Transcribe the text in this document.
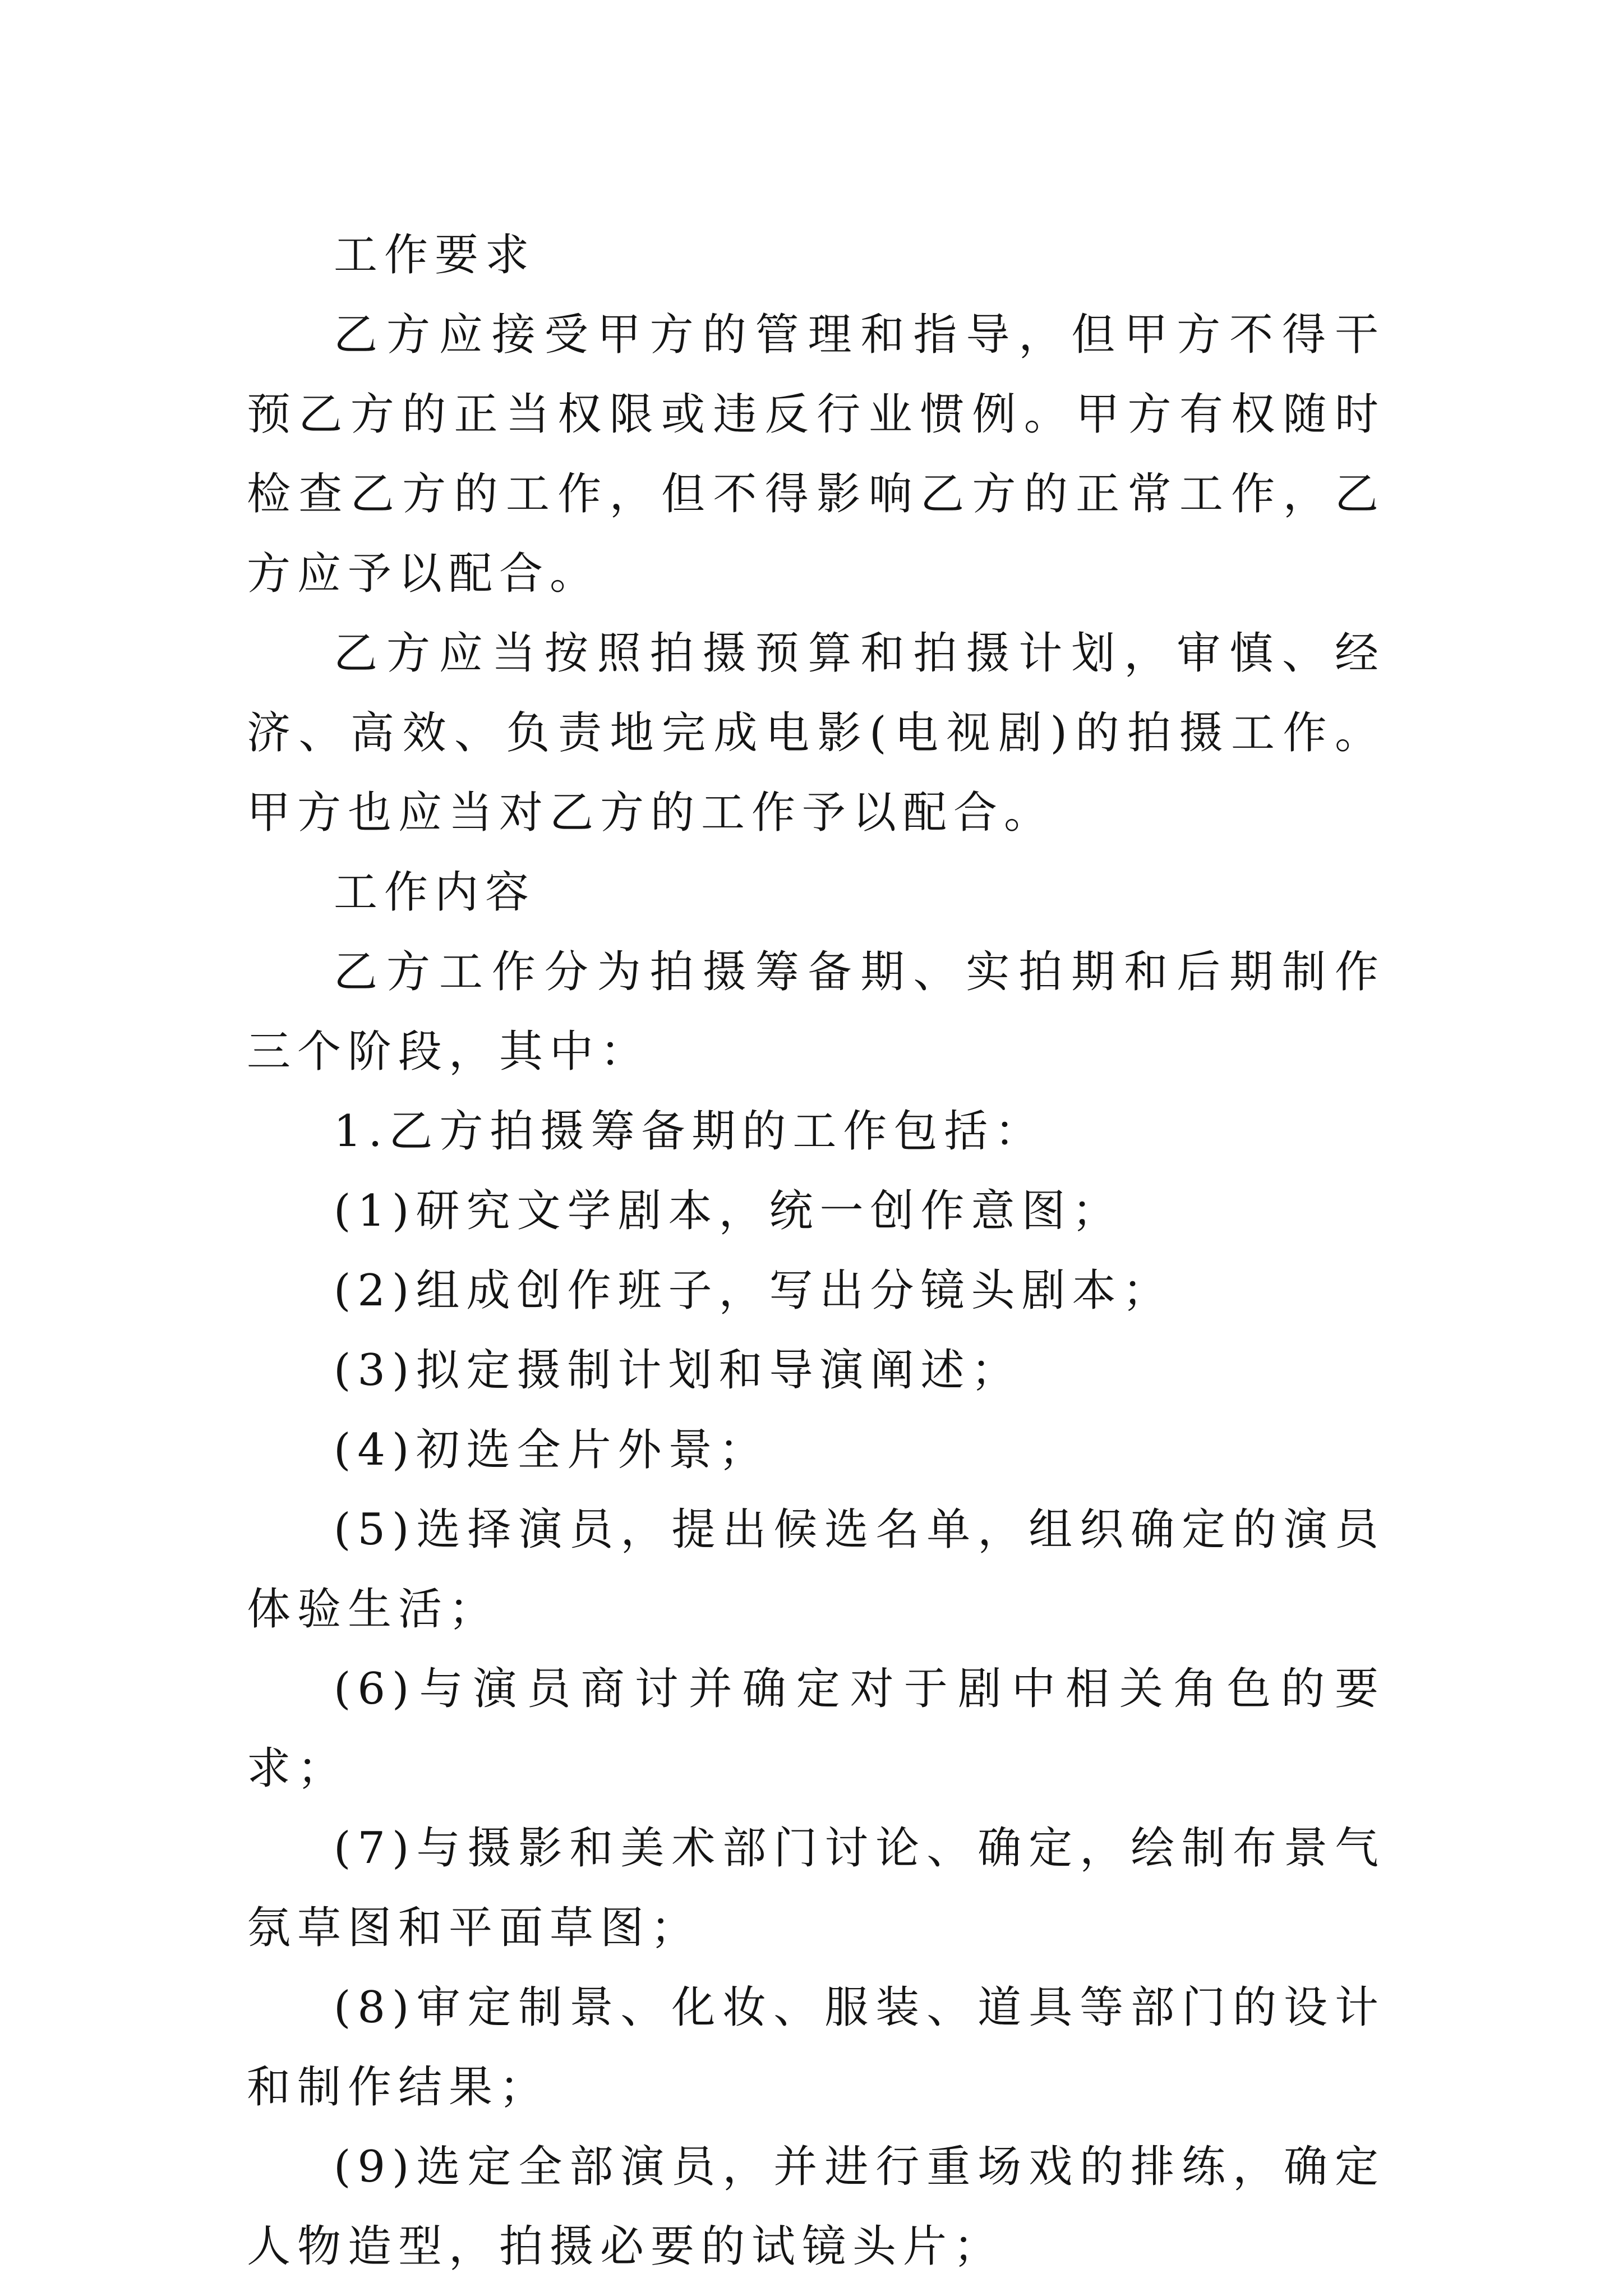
工作要求

乙方应接受甲方的管理和指导，但甲方不得干预乙方的正当权限或违反行业惯例。甲方有权随时检查乙方的工作，但不得影响乙方的正常工作，乙方应予以配合。

乙方应当按照拍摄预算和拍摄计划，审慎、经济、高效、负责地完成电影(电视剧)的拍摄工作。甲方也应当对乙方的工作予以配合。

工作内容

乙方工作分为拍摄筹备期、实拍期和后期制作三个阶段，其中：

1.乙方拍摄筹备期的工作包括：

(1)研究文学剧本，统一创作意图；

(2)组成创作班子，写出分镜头剧本；

(3)拟定摄制计划和导演阐述；

(4)初选全片外景；

(5)选择演员，提出候选名单，组织确定的演员体验生活；

(6)与演员商讨并确定对于剧中相关角色的要求；

(7)与摄影和美术部门讨论、确定，绘制布景气氛草图和平面草图；

(8)审定制景、化妆、服装、道具等部门的设计和制作结果；

(9)选定全部演员，并进行重场戏的排练，确定人物造型，拍摄必要的试镜头片；
